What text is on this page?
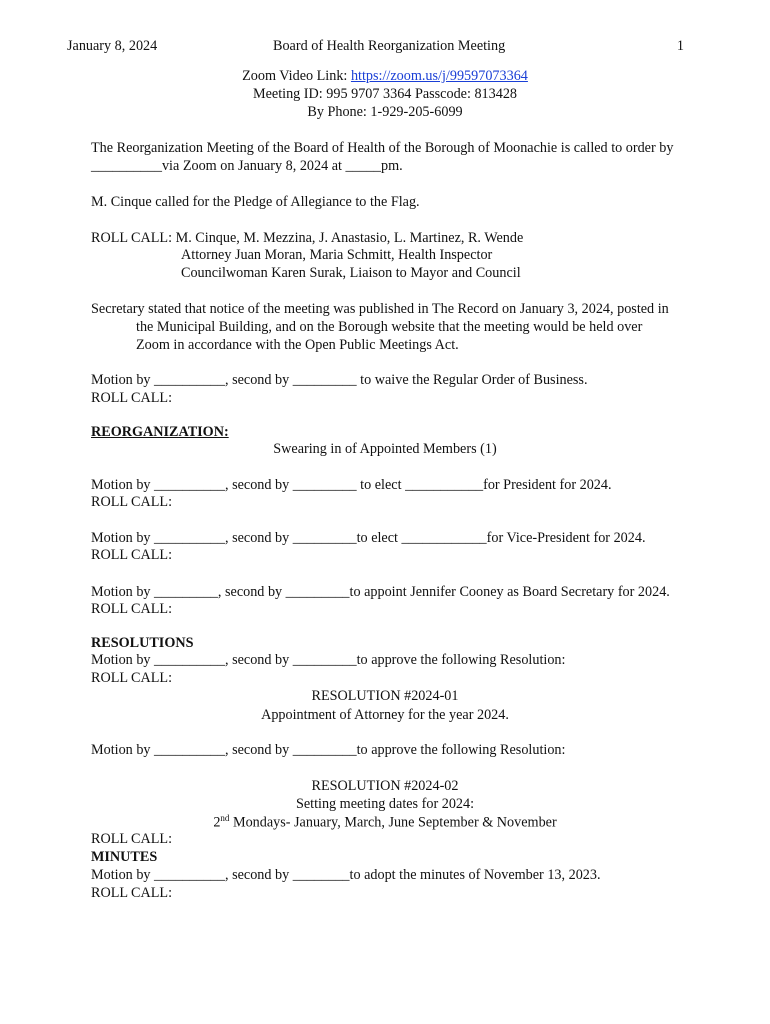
January 8, 2024	Board of Health Reorganization Meeting	1
Zoom Video Link: https://zoom.us/j/99597073364
Meeting ID: 995 9707 3364 Passcode: 813428
By Phone: 1-929-205-6099
The Reorganization Meeting of the Board of Health of the Borough of Moonachie is called to order by
__________via Zoom on January 8, 2024 at _____pm.
M. Cinque called for the Pledge of Allegiance to the Flag.
ROLL CALL: M. Cinque, M. Mezzina, J. Anastasio, L. Martinez, R. Wende
Attorney Juan Moran, Maria Schmitt, Health Inspector
Councilwoman Karen Surak, Liaison to Mayor and Council
Secretary stated that notice of the meeting was published in The Record on January 3, 2024, posted in
the Municipal Building, and on the Borough website that the meeting would be held over
Zoom in accordance with the Open Public Meetings Act.
Motion by __________, second by _________ to waive the Regular Order of Business.
ROLL CALL:
REORGANIZATION:
Swearing in of Appointed Members (1)
Motion by __________, second by _________ to elect ___________for President for 2024.
ROLL CALL:
Motion by __________, second by _________to elect ____________for Vice-President for 2024.
ROLL CALL:
Motion by _________, second by _________to appoint Jennifer Cooney as Board Secretary for 2024.
ROLL CALL:
RESOLUTIONS
Motion by __________, second by _________to approve the following Resolution:
ROLL CALL:
RESOLUTION #2024-01
Appointment of Attorney for the year 2024.
Motion by __________, second by _________to approve the following Resolution:
RESOLUTION #2024-02
Setting meeting dates for 2024:
2nd Mondays- January, March, June September & November
ROLL CALL:
MINUTES
Motion by __________, second by ________to adopt the minutes of November 13, 2023.
ROLL CALL:
